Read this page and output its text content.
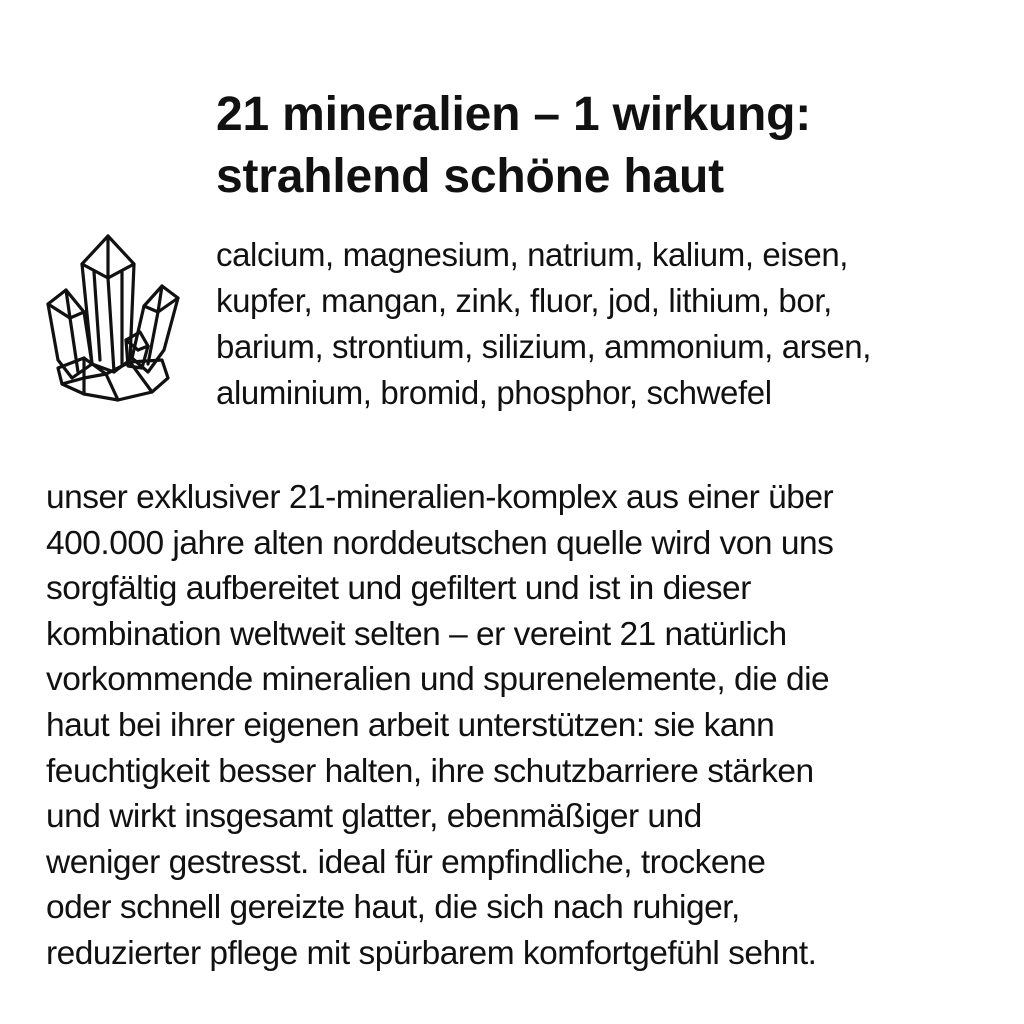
21 mineralien – 1 wirkung:
strahlend schöne haut

calcium, magnesium, natrium, kalium, eisen,
kupfer, mangan, zink, fluor, jod, lithium, bor,
barium, strontium, silizium, ammonium, arsen,
aluminium, bromid, phosphor, schwefel

unser exklusiver 21-mineralien-komplex aus einer über
400.000 jahre alten norddeutschen quelle wird von uns
sorgfältig aufbereitet und gefiltert und ist in dieser
kombination weltweit selten – er vereint 21 natürlich
vorkommende mineralien und spurenelemente, die die
haut bei ihrer eigenen arbeit unterstützen: sie kann
feuchtigkeit besser halten, ihre schutzbarriere stärken
und wirkt insgesamt glatter, ebenmäßiger und
weniger gestresst. ideal für empfindliche, trockene
oder schnell gereizte haut, die sich nach ruhiger,
reduzierter pflege mit spürbarem komfortgefühl sehnt.
